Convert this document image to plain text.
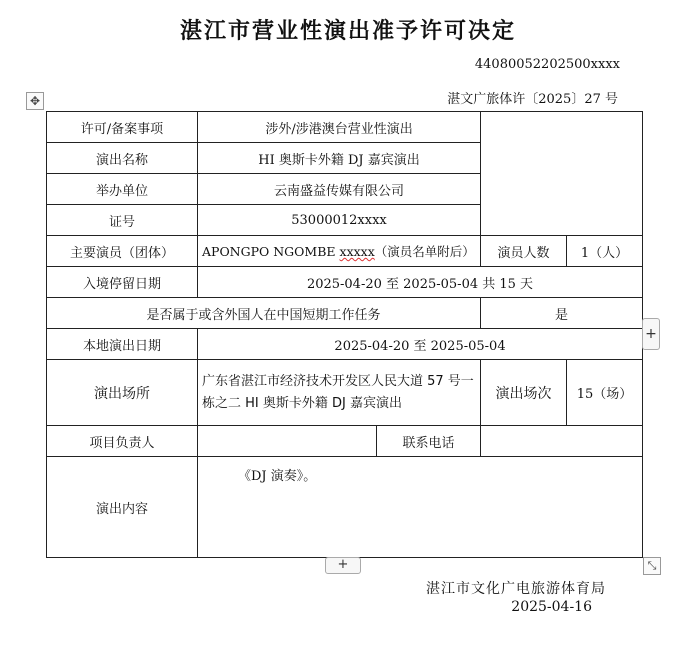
湛江市营业性演出准予许可决定
44080052202500xxxx
湛文广旅体许〔2025〕27 号
✥
许可/备案事项	涉外/涉港澳台营业性演出			
演出名称	HI 奥斯卡外籍 DJ 嘉宾演出			
举办单位	云南盛益传媒有限公司			
证号	53000012xxxx			
主要演员（团体）	APONGPO NGOMBE xxxxx（演员名单附后）		演员人数	1（人）
入境停留日期	2025-04-20 至 2025-05-04 共 15 天			
是否属于或含外国人在中国短期工作任务			是	
本地演出日期	2025-04-20 至 2025-05-04			
演出场所	广东省湛江市经济技术开发区人民大道 57 号一栋之二 HI 奥斯卡外籍 DJ 嘉宾演出		演出场次	15（场）
项目负责人		联系电话		
演出内容	《DJ 演奏》。			
+
+	⤡
湛江市文化广电旅游体育局
2025-04-16
